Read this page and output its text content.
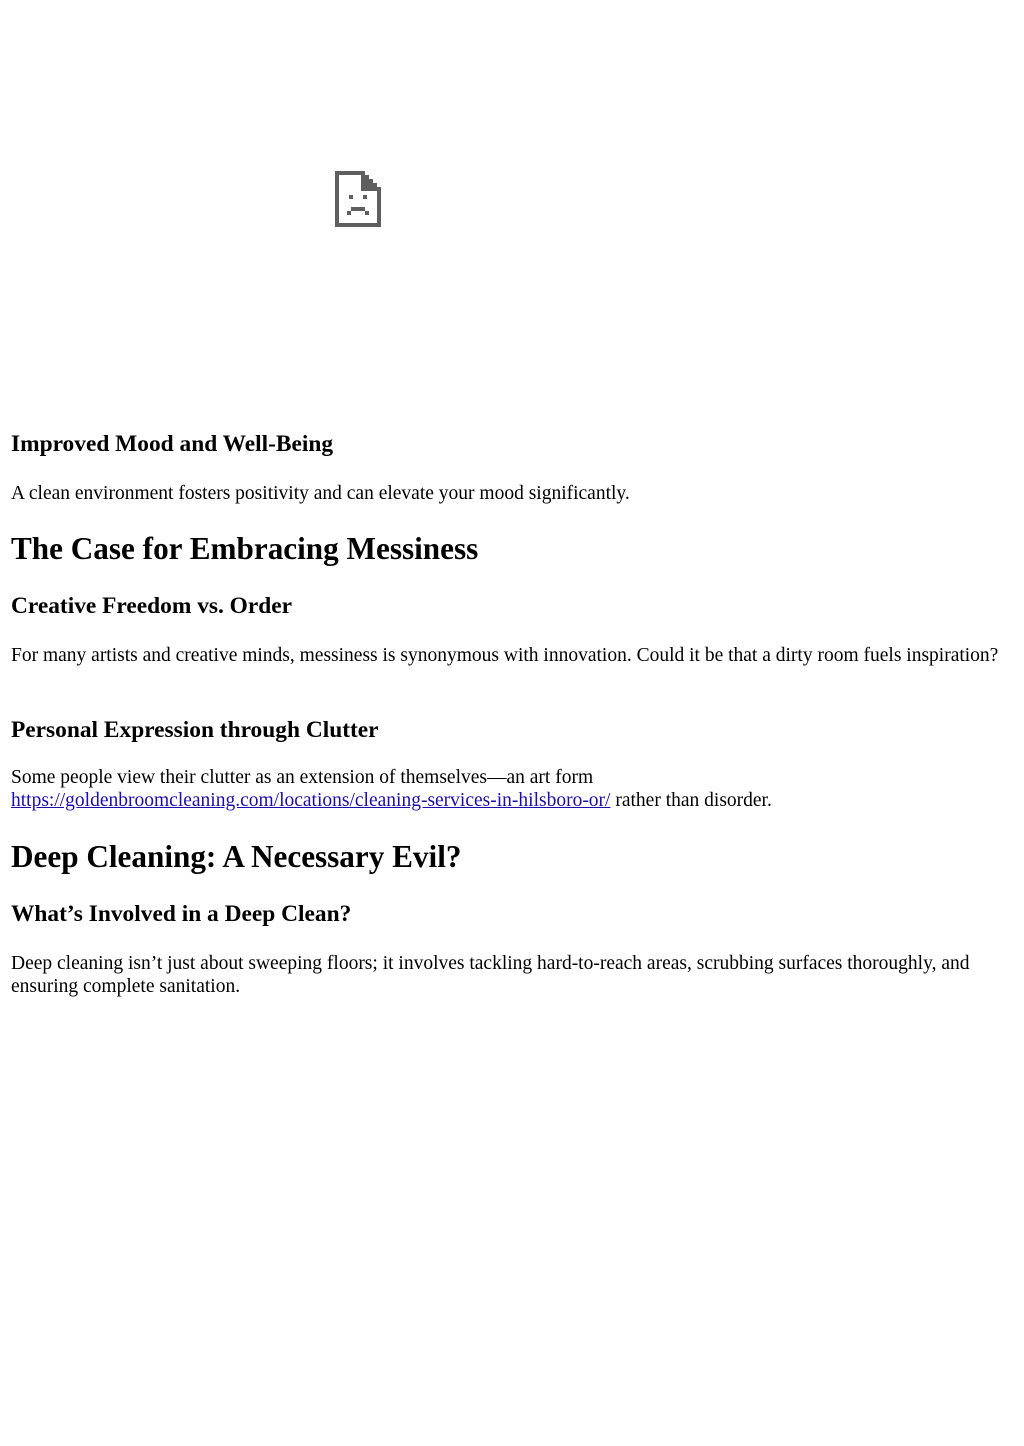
Improved Mood and Well-Being

A clean environment fosters positivity and can elevate your mood significantly.

The Case for Embracing Messiness
Creative Freedom vs. Order

For many artists and creative minds, messiness is synonymous with innovation. Could it be that a dirty room fuels inspiration?

Personal Expression through Clutter

Some people view their clutter as an extension of themselves—an art form
https://goldenbroomcleaning.com/locations/cleaning-services-in-hilsboro-or/ rather than disorder.

Deep Cleaning: A Necessary Evil?
What’s Involved in a Deep Clean?

Deep cleaning isn’t just about sweeping floors; it involves tackling hard-to-reach areas, scrubbing surfaces thoroughly, and ensuring complete sanitation.
